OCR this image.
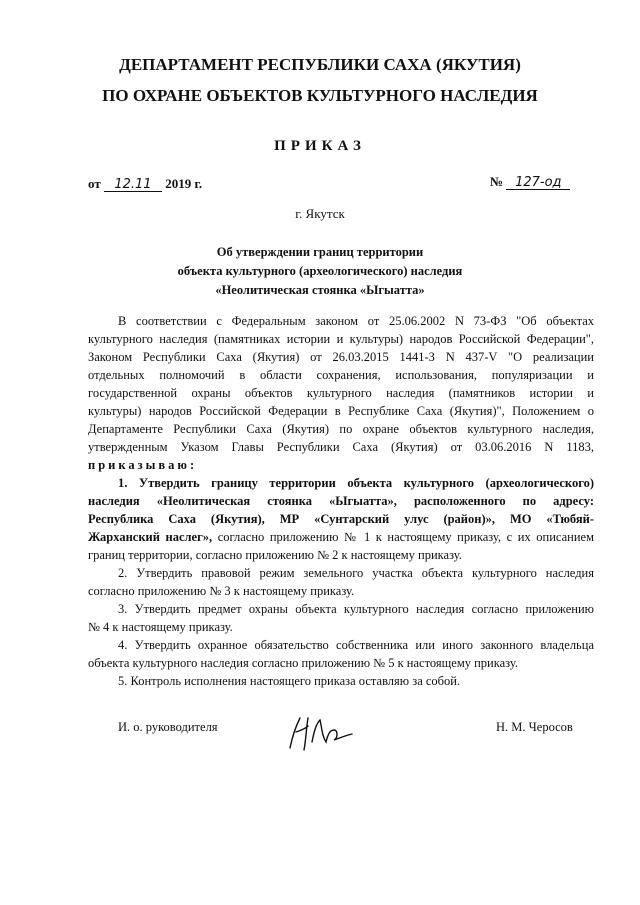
ДЕПАРТАМЕНТ РЕСПУБЛИКИ САХА (ЯКУТИЯ)
ПО ОХРАНЕ ОБЪЕКТОВ КУЛЬТУРНОГО НАСЛЕДИЯ
ПРИКАЗ
от 12.11 2019 г.	№ 127-од
г. Якутск
Об утверждении границ территории
объекта культурного (археологического) наследия
«Неолитическая стоянка «Ыгыатта»
В соответствии с Федеральным законом от 25.06.2002 N 73-ФЗ "Об объектах
культурного наследия (памятниках истории и культуры) народов Российской Федерации",
Законом Республики Саха (Якутия) от 26.03.2015 1441-З N 437-V "О реализации
отдельных полномочий в области сохранения, использования, популяризации и
государственной охраны объектов культурного наследия (памятников истории и
культуры) народов Российской Федерации в Республике Саха (Якутия)", Положением о
Департаменте Республики Саха (Якутия) по охране объектов культурного наследия,
утвержденным Указом Главы Республики Саха (Якутия) от 03.06.2016 N 1183,
приказываю:
1. Утвердить границу территории объекта культурного (археологического)
наследия «Неолитическая стоянка «Ыгыатта», расположенного по адресу:
Республика Саха (Якутия), МР «Сунтарский улус (район)», МО «Тюбяй-
Жарханский наслег», согласно приложению № 1 к настоящему приказу, с их описанием
границ территории, согласно приложению № 2 к настоящему приказу.
2. Утвердить правовой режим земельного участка объекта культурного наследия
согласно приложению № 3 к настоящему приказу.
3. Утвердить предмет охраны объекта культурного наследия согласно приложению
№ 4 к настоящему приказу.
4. Утвердить охранное обязательство собственника или иного законного владельца
объекта культурного наследия согласно приложению № 5 к настоящему приказу.
5. Контроль исполнения настоящего приказа оставляю за собой.
И. о. руководителя	Н. М. Черосов
